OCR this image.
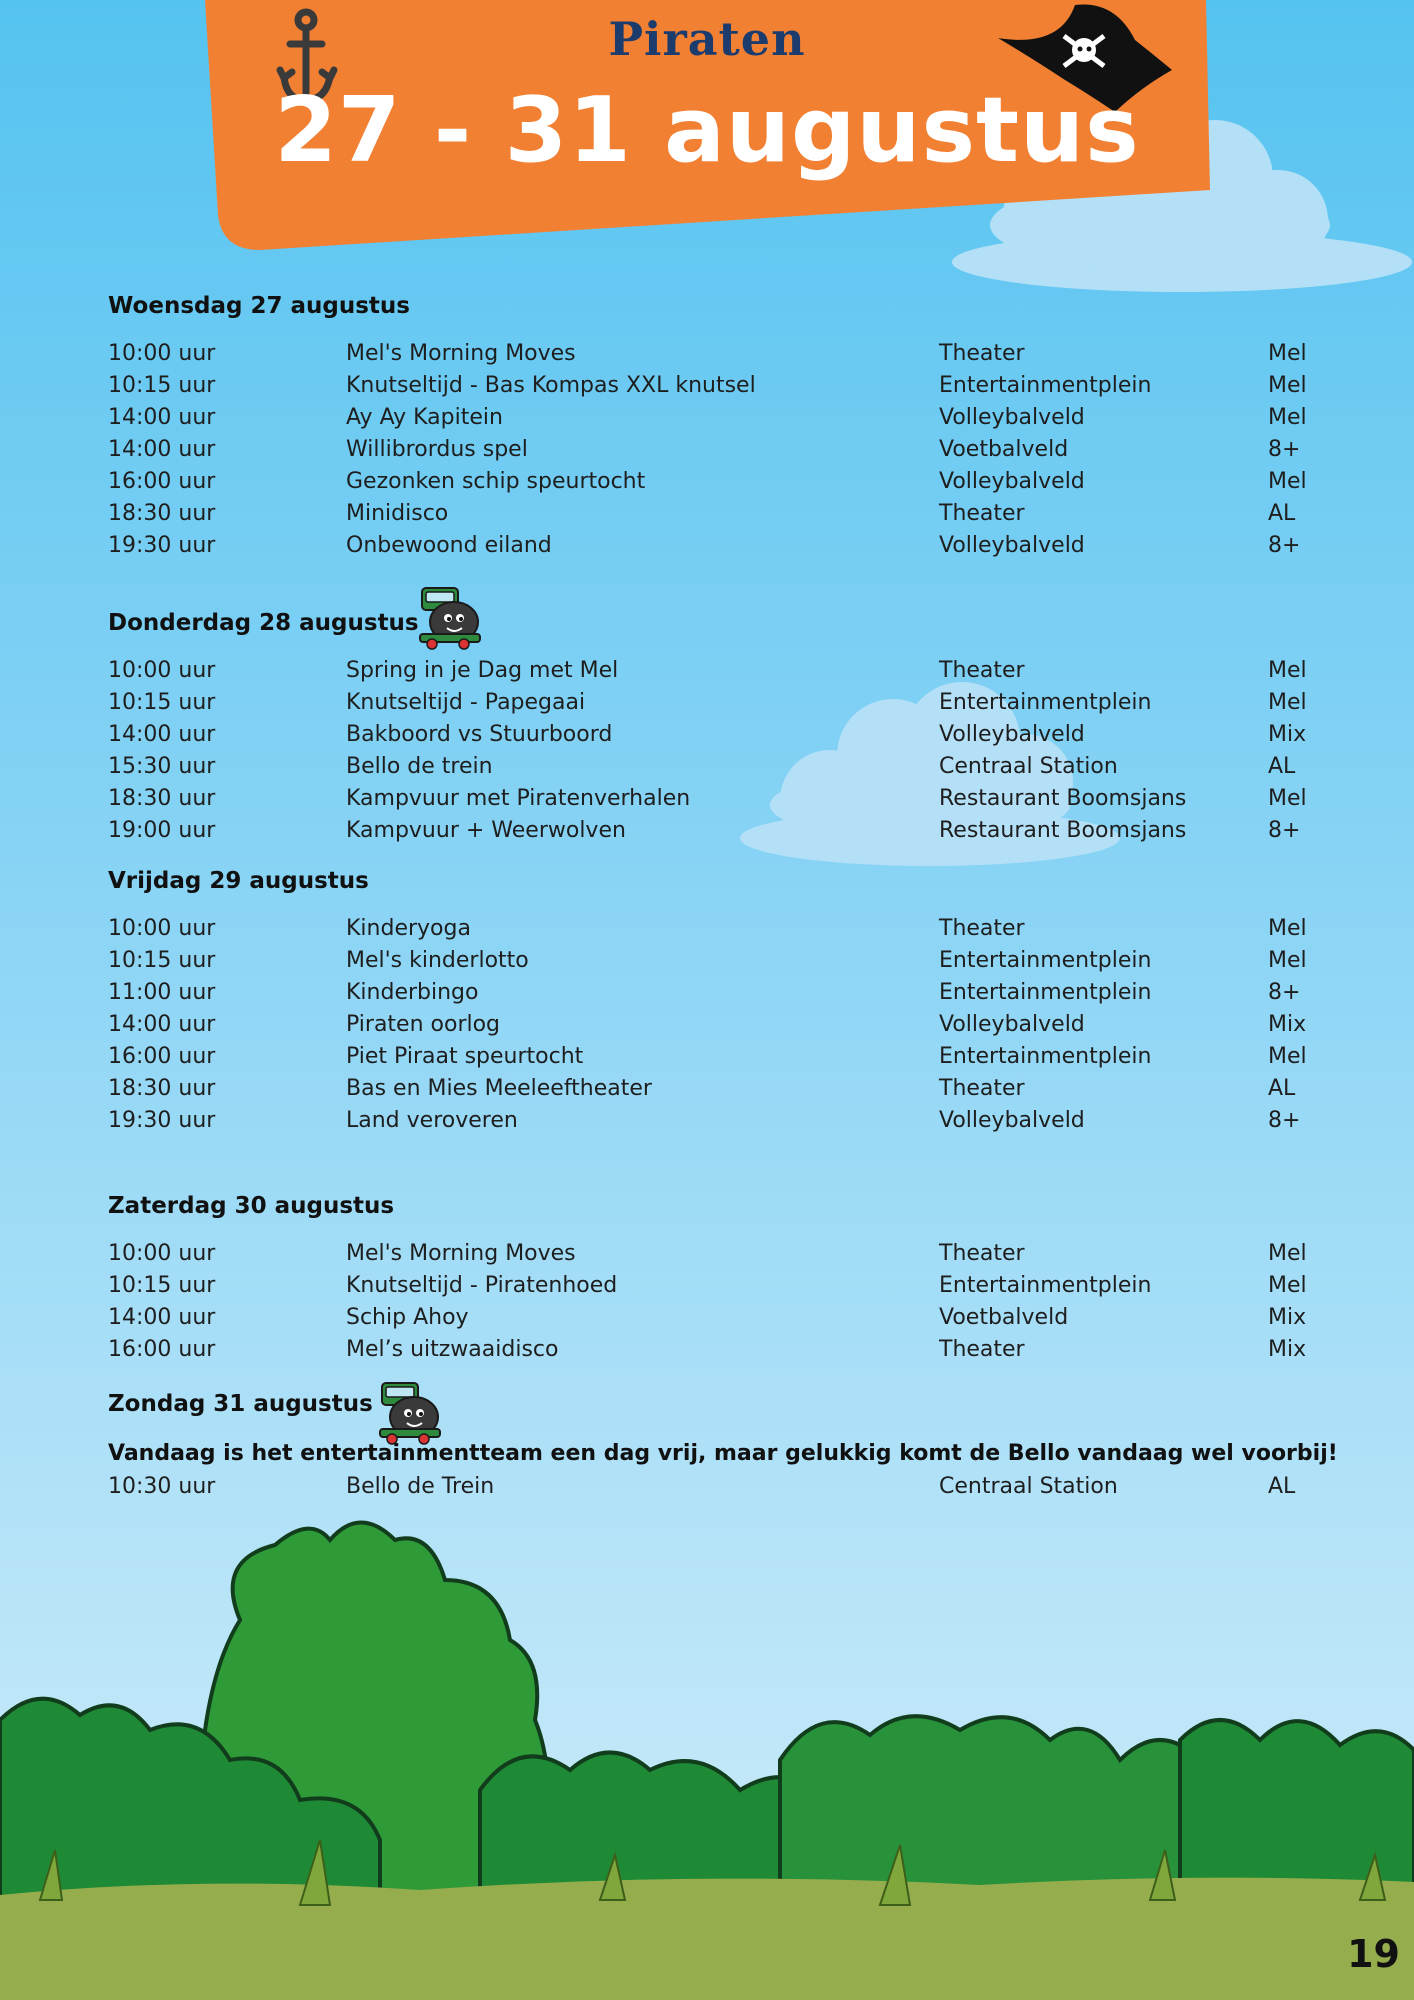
Piraten
27 - 31 augustus
Woensdag 27 augustus
10:00 uur	Mel's Morning Moves	Theater	Mel
10:15 uur	Knutseltijd - Bas Kompas XXL knutsel	Entertainmentplein	Mel
14:00 uur	Ay Ay Kapitein	Volleybalveld	Mel
14:00 uur	Willibrordus spel	Voetbalveld	8+
16:00 uur	Gezonken schip speurtocht	Volleybalveld	Mel
18:30 uur	Minidisco	Theater	AL
19:30 uur	Onbewoond eiland	Volleybalveld	8+
Donderdag 28 augustus
10:00 uur	Spring in je Dag met Mel	Theater	Mel
10:15 uur	Knutseltijd - Papegaai	Entertainmentplein	Mel
14:00 uur	Bakboord vs Stuurboord	Volleybalveld	Mix
15:30 uur	Bello de trein	Centraal Station	AL
18:30 uur	Kampvuur met Piratenverhalen	Restaurant Boomsjans	Mel
19:00 uur	Kampvuur + Weerwolven	Restaurant Boomsjans	8+
Vrijdag 29 augustus
10:00 uur	Kinderyoga	Theater	Mel
10:15 uur	Mel's kinderlotto	Entertainmentplein	Mel
11:00 uur	Kinderbingo	Entertainmentplein	8+
14:00 uur	Piraten oorlog	Volleybalveld	Mix
16:00 uur	Piet Piraat speurtocht	Entertainmentplein	Mel
18:30 uur	Bas en Mies Meeleeftheater	Theater	AL
19:30 uur	Land veroveren	Volleybalveld	8+
Zaterdag 30 augustus
10:00 uur	Mel's Morning Moves	Theater	Mel
10:15 uur	Knutseltijd - Piratenhoed	Entertainmentplein	Mel
14:00 uur	Schip Ahoy	Voetbalveld	Mix
16:00 uur	Mel’s uitzwaaidisco	Theater	Mix
Zondag 31 augustus
Vandaag is het entertainmentteam een dag vrij, maar gelukkig komt de Bello vandaag wel voorbij!
10:30 uur	Bello de Trein	Centraal Station	AL
19
